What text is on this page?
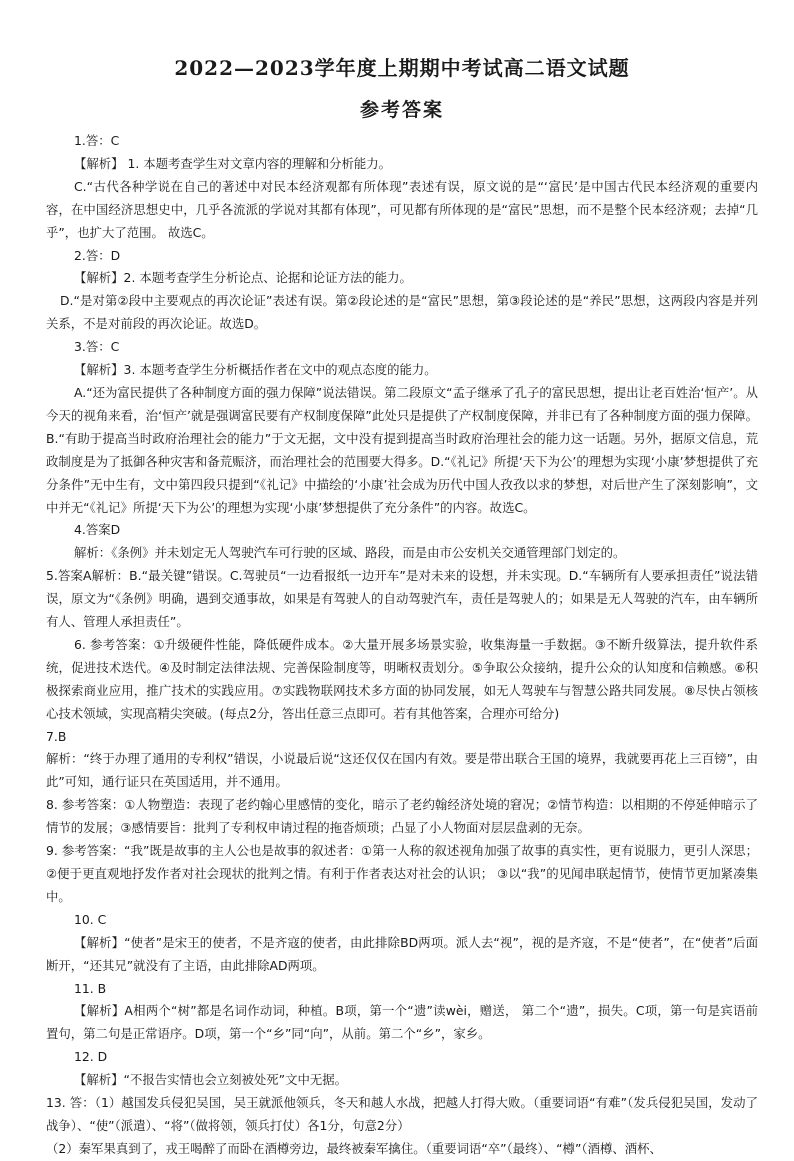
2022—2023学年度上期期中考试高二语文试题
参考答案

1.答：C

【解析】 1. 本题考查学生对文章内容的理解和分析能力。

C.“古代各种学说在自己的著述中对民本经济观都有所体现”表述有误，原文说的是“‘富民’是中国古代民本经济观的重要内容，在中国经济思想史中，几乎各流派的学说对其都有体现”，可见都有所体现的是“富民”思想，而不是整个民本经济观；去掉“几乎”，也扩大了范围。 故选C。

2.答：D

【解析】2. 本题考查学生分析论点、论据和论证方法的能力。

D.“是对第②段中主要观点的再次论证”表述有误。第②段论述的是“富民”思想，第③段论述的是“养民”思想，这两段内容是并列关系，不是对前段的再次论证。故选D。

3.答：C

【解析】3. 本题考查学生分析概括作者在文中的观点态度的能力。

A.“还为富民提供了各种制度方面的强力保障”说法错误。第二段原文“孟子继承了孔子的富民思想，提出让老百姓治‘恒产’。从今天的视角来看，治‘恒产’就是强调富民要有产权制度保障”此处只是提供了产权制度保障，并非已有了各种制度方面的强力保障。B.“有助于提高当时政府治理社会的能力”于文无据，文中没有提到提高当时政府治理社会的能力这一话题。另外，据原文信息，荒政制度是为了抵御各种灾害和备荒赈济，而治理社会的范围要大得多。D.“《礼记》所提‘天下为公’的理想为实现‘小康’梦想提供了充分条件”无中生有，文中第四段只提到“《礼记》中描绘的‘小康’社会成为历代中国人孜孜以求的梦想，对后世产生了深刻影响”，文中并无“《礼记》所提‘天下为公’的理想为实现‘小康’梦想提供了充分条件”的内容。故选C。

4.答案D

解析：《条例》并未划定无人驾驶汽车可行驶的区域、路段，而是由市公安机关交通管理部门划定的。

5.答案A解析：B.“最关键”错误。C.驾驶员“一边看报纸一边开车”是对未来的设想，并未实现。D.“车辆所有人要承担责任”说法错误，原文为“《条例》明确，遇到交通事故，如果是有驾驶人的自动驾驶汽车，责任是驾驶人的；如果是无人驾驶的汽车，由车辆所有人、管理人承担责任”。

6. 参考答案：①升级硬件性能，降低硬件成本。②大量开展多场景实验，收集海量一手数据。③不断升级算法，提升软件系统，促进技术迭代。④及时制定法律法规、完善保险制度等，明晰权责划分。⑤争取公众接纳，提升公众的认知度和信赖感。⑥积极探索商业应用，推广技术的实践应用。⑦实践物联网技术多方面的协同发展，如无人驾驶车与智慧公路共同发展。⑧尽快占领核心技术领域，实现高精尖突破。(每点2分，答出任意三点即可。若有其他答案，合理亦可给分)

7.B

解析：“终于办理了通用的专利权”错误，小说最后说“这还仅仅在国内有效。要是带出联合王国的境界，我就要再花上三百镑”，由此”可知，通行证只在英国适用，并不通用。

8. 参考答案：①人物塑造：表现了老约翰心里感情的变化，暗示了老约翰经济处境的窘况；②情节构造：以相期的不停延伸暗示了情节的发展；③感情要旨：批判了专利权申请过程的拖沓烦琐；凸显了小人物面对层层盘剥的无奈。

9. 参考答案：“我”既是故事的主人公也是故事的叙述者：①第一人称的叙述视角加强了故事的真实性，更有说服力，更引人深思； ②便于更直观地抒发作者对社会现状的批判之情。有利于作者表达对社会的认识； ③以“我”的见闻串联起情节，使情节更加紧凑集中。

10. C

【解析】“使者”是宋王的使者，不是齐寇的使者，由此排除BD两项。派人去“视”，视的是齐寇，不是“使者”，在“使者”后面断开，“还其兄”就没有了主语，由此排除AD两项。

11. B

【解析】A相两个“树”都是名词作动词，种植。B项，第一个“遗”读wèi，赠送， 第二个“遗”，损失。C项，第一句是宾语前置句，第二句是正常语序。D项，第一个“乡”同“向”，从前。第二个“乡”，家乡。

12. D

【解析】“不报告实情也会立刻被处死”文中无据。

13. 答：（1）越国发兵侵犯吴国，吴王就派他领兵，冬天和越人水战，把越人打得大败。（重要词语“有难”（发兵侵犯吴国，发动了战争）、“使”（派遣）、“将”（做将领，领兵打仗）各1分，句意2分）

（2）秦军果真到了，戎王喝醉了而卧在酒樽旁边，最终被秦军擒住。（重要词语“卒”（最终）、“樽”（酒樽、酒杯、
